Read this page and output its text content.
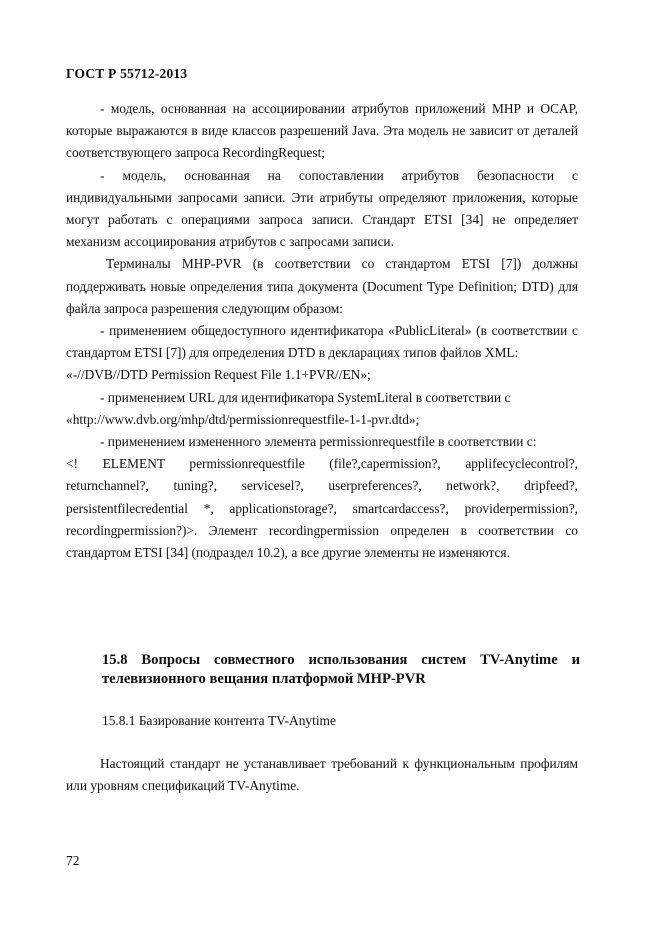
ГОСТ Р 55712-2013

- модель, основанная на ассоциировании атрибутов приложений MHP и OCAP, которые выражаются в виде классов разрешений Java. Эта модель не зависит от деталей соответствующего запроса RecordingRequest;

- модель, основанная на сопоставлении атрибутов безопасности с индивидуальными запросами записи. Эти атрибуты определяют приложения, которые могут работать с операциями запроса записи. Стандарт ETSI [34] не определяет механизм ассоциирования атрибутов с запросами записи.

Терминалы MHP-PVR (в соответствии со стандартом ETSI [7]) должны поддерживать новые определения типа документа (Document Type Definition; DTD) для файла запроса разрешения следующим образом:

- применением общедоступного идентификатора «PublicLiteral» (в соответствии с стандартом ETSI [7]) для определения DTD в декларациях типов файлов XML:

«-//DVB//DTD Permission Request File 1.1+PVR//EN»;

- применением URL для идентификатора SystemLiteral в соответствии с

«http://www.dvb.org/mhp/dtd/permissionrequestfile-1-1-pvr.dtd»;

- применением измененного элемента permissionrequestfile в соответствии с:

<! ELEMENT permissionrequestfile (file?,capermission?, applifecyclecontrol?, returnchannel?, tuning?, servicesel?, userpreferences?, network?, dripfeed?, persistentfilecredential *, applicationstorage?, smartcardaccess?, providerpermission?, recordingpermission?)>. Элемент recordingpermission определен в соответствии со стандартом ETSI [34] (подраздел 10.2), а все другие элементы не изменяются.

15.8 Вопросы совместного использования систем TV-Anytime и телевизионного вещания платформой MHP-PVR
15.8.1 Базирование контента TV-Anytime

Настоящий стандарт не устанавливает требований к функциональным профилям или уровням спецификаций TV-Anytime.

72
